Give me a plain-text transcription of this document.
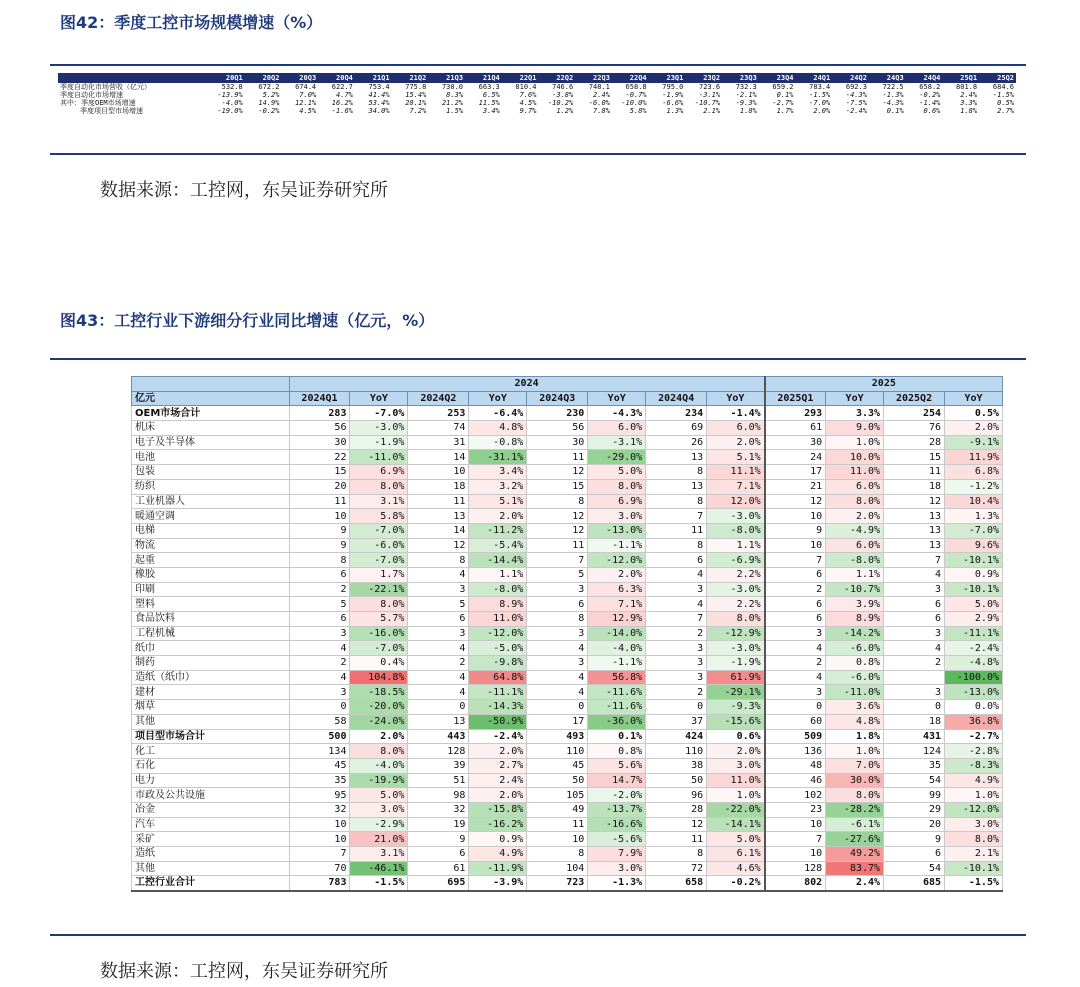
图42：季度工控市场规模增速（%）
	20Q1	20Q2	20Q3	20Q4	21Q1	21Q2	21Q3	21Q4	22Q1	22Q2	22Q3	22Q4	23Q1	23Q2	23Q3	23Q4	24Q1	24Q2	24Q3	24Q4	25Q1	25Q2
季度自动化市场营收（亿元）	532.8	672.2	674.4	622.7	753.4	775.8	730.0	663.3	810.4	746.6	748.1	658.8	795.0	723.6	732.3	659.2	783.4	692.3	722.5	658.2	801.8	684.6
季度自动化市场增速	-13.9%	5.2%	7.0%	4.7%	41.4%	15.4%	8.3%	6.5%	7.6%	-3.8%	2.4%	-0.7%	-1.9%	-3.1%	-2.1%	0.1%	-1.5%	-4.3%	-1.3%	-0.2%	2.4%	-1.5%
其中：季度OEM市场增速	-4.0%	14.9%	12.1%	16.2%	53.4%	28.1%	21.2%	11.5%	4.5%	-10.2%	-6.0%	-10.0%	-6.6%	-10.7%	-9.3%	-2.7%	-7.0%	-7.5%	-4.3%	-1.4%	3.3%	0.5%
季度项目型市场增速	-19.0%	-0.2%	4.5%	-1.6%	34.0%	7.2%	1.5%	3.4%	9.7%	1.2%	7.8%	5.8%	1.3%	2.1%	1.8%	1.7%	2.0%	-2.4%	0.1%	0.6%	1.8%	2.7%
数据来源：工控网，东吴证券研究所
图43：工控行业下游细分行业同比增速（亿元，%）
	2024								2025			
亿元	2024Q1	YoY	2024Q2	YoY	2024Q3	YoY	2024Q4	YoY	2025Q1	YoY	2025Q2	YoY
OEM市场合计	283	-7.0%	253	-6.4%	230	-4.3%	234	-1.4%	293	3.3%	254	0.5%
机床	56	-3.0%	74	4.8%	56	6.0%	69	6.0%	61	9.0%	76	2.0%
电子及半导体	30	-1.9%	31	-0.8%	30	-3.1%	26	2.0%	30	1.0%	28	-9.1%
电池	22	-11.0%	14	-31.1%	11	-29.0%	13	5.1%	24	10.0%	15	11.9%
包装	15	6.9%	10	3.4%	12	5.0%	8	11.1%	17	11.0%	11	6.8%
纺织	20	8.0%	18	3.2%	15	8.0%	13	7.1%	21	6.0%	18	-1.2%
工业机器人	11	3.1%	11	5.1%	8	6.9%	8	12.0%	12	8.0%	12	10.4%
暖通空调	10	5.8%	13	2.0%	12	3.0%	7	-3.0%	10	2.0%	13	1.3%
电梯	9	-7.0%	14	-11.2%	12	-13.0%	11	-8.0%	9	-4.9%	13	-7.0%
物流	9	-6.0%	12	-5.4%	11	-1.1%	8	1.1%	10	6.0%	13	9.6%
起重	8	-7.0%	8	-14.4%	7	-12.0%	6	-6.9%	7	-8.0%	7	-10.1%
橡胶	6	1.7%	4	1.1%	5	2.0%	4	2.2%	6	1.1%	4	0.9%
印刷	2	-22.1%	3	-8.0%	3	6.3%	3	-3.0%	2	-10.7%	3	-10.1%
塑料	5	8.0%	5	8.9%	6	7.1%	4	2.2%	6	3.9%	6	5.0%
食品饮料	6	5.7%	6	11.0%	8	12.9%	7	8.0%	6	8.9%	6	2.9%
工程机械	3	-16.0%	3	-12.0%	3	-14.0%	2	-12.9%	3	-14.2%	3	-11.1%
纸巾	4	-7.0%	4	-5.0%	4	-4.0%	3	-3.0%	4	-6.0%	4	-2.4%
制药	2	0.4%	2	-9.8%	3	-1.1%	3	-1.9%	2	0.8%	2	-4.8%
造纸（纸巾）	4	104.8%	4	64.8%	4	56.8%	3	61.9%	4	-6.0%		-100.0%
建材	3	-18.5%	4	-11.1%	4	-11.6%	2	-29.1%	3	-11.0%	3	-13.0%
烟草	0	-20.0%	0	-14.3%	0	-11.6%	0	-9.3%	0	3.6%	0	0.0%
其他	58	-24.0%	13	-50.9%	17	-36.0%	37	-15.6%	60	4.8%	18	36.8%
项目型市场合计	500	2.0%	443	-2.4%	493	0.1%	424	0.6%	509	1.8%	431	-2.7%
化工	134	8.0%	128	2.0%	110	0.8%	110	2.0%	136	1.0%	124	-2.8%
石化	45	-4.0%	39	2.7%	45	5.6%	38	3.0%	48	7.0%	35	-8.3%
电力	35	-19.9%	51	2.4%	50	14.7%	50	11.0%	46	30.0%	54	4.9%
市政及公共设施	95	5.0%	98	2.0%	105	-2.0%	96	1.0%	102	8.0%	99	1.0%
冶金	32	3.0%	32	-15.8%	49	-13.7%	28	-22.0%	23	-28.2%	29	-12.0%
汽车	10	-2.9%	19	-16.2%	11	-16.6%	12	-14.1%	10	-6.1%	20	3.0%
采矿	10	21.0%	9	0.9%	10	-5.6%	11	5.0%	7	-27.6%	9	8.0%
造纸	7	3.1%	6	4.9%	8	7.9%	8	6.1%	10	49.2%	6	2.1%
其他	70	-46.1%	61	-11.9%	104	3.0%	72	4.6%	128	83.7%	54	-10.1%
工控行业合计	783	-1.5%	695	-3.9%	723	-1.3%	658	-0.2%	802	2.4%	685	-1.5%
数据来源：工控网，东吴证券研究所
